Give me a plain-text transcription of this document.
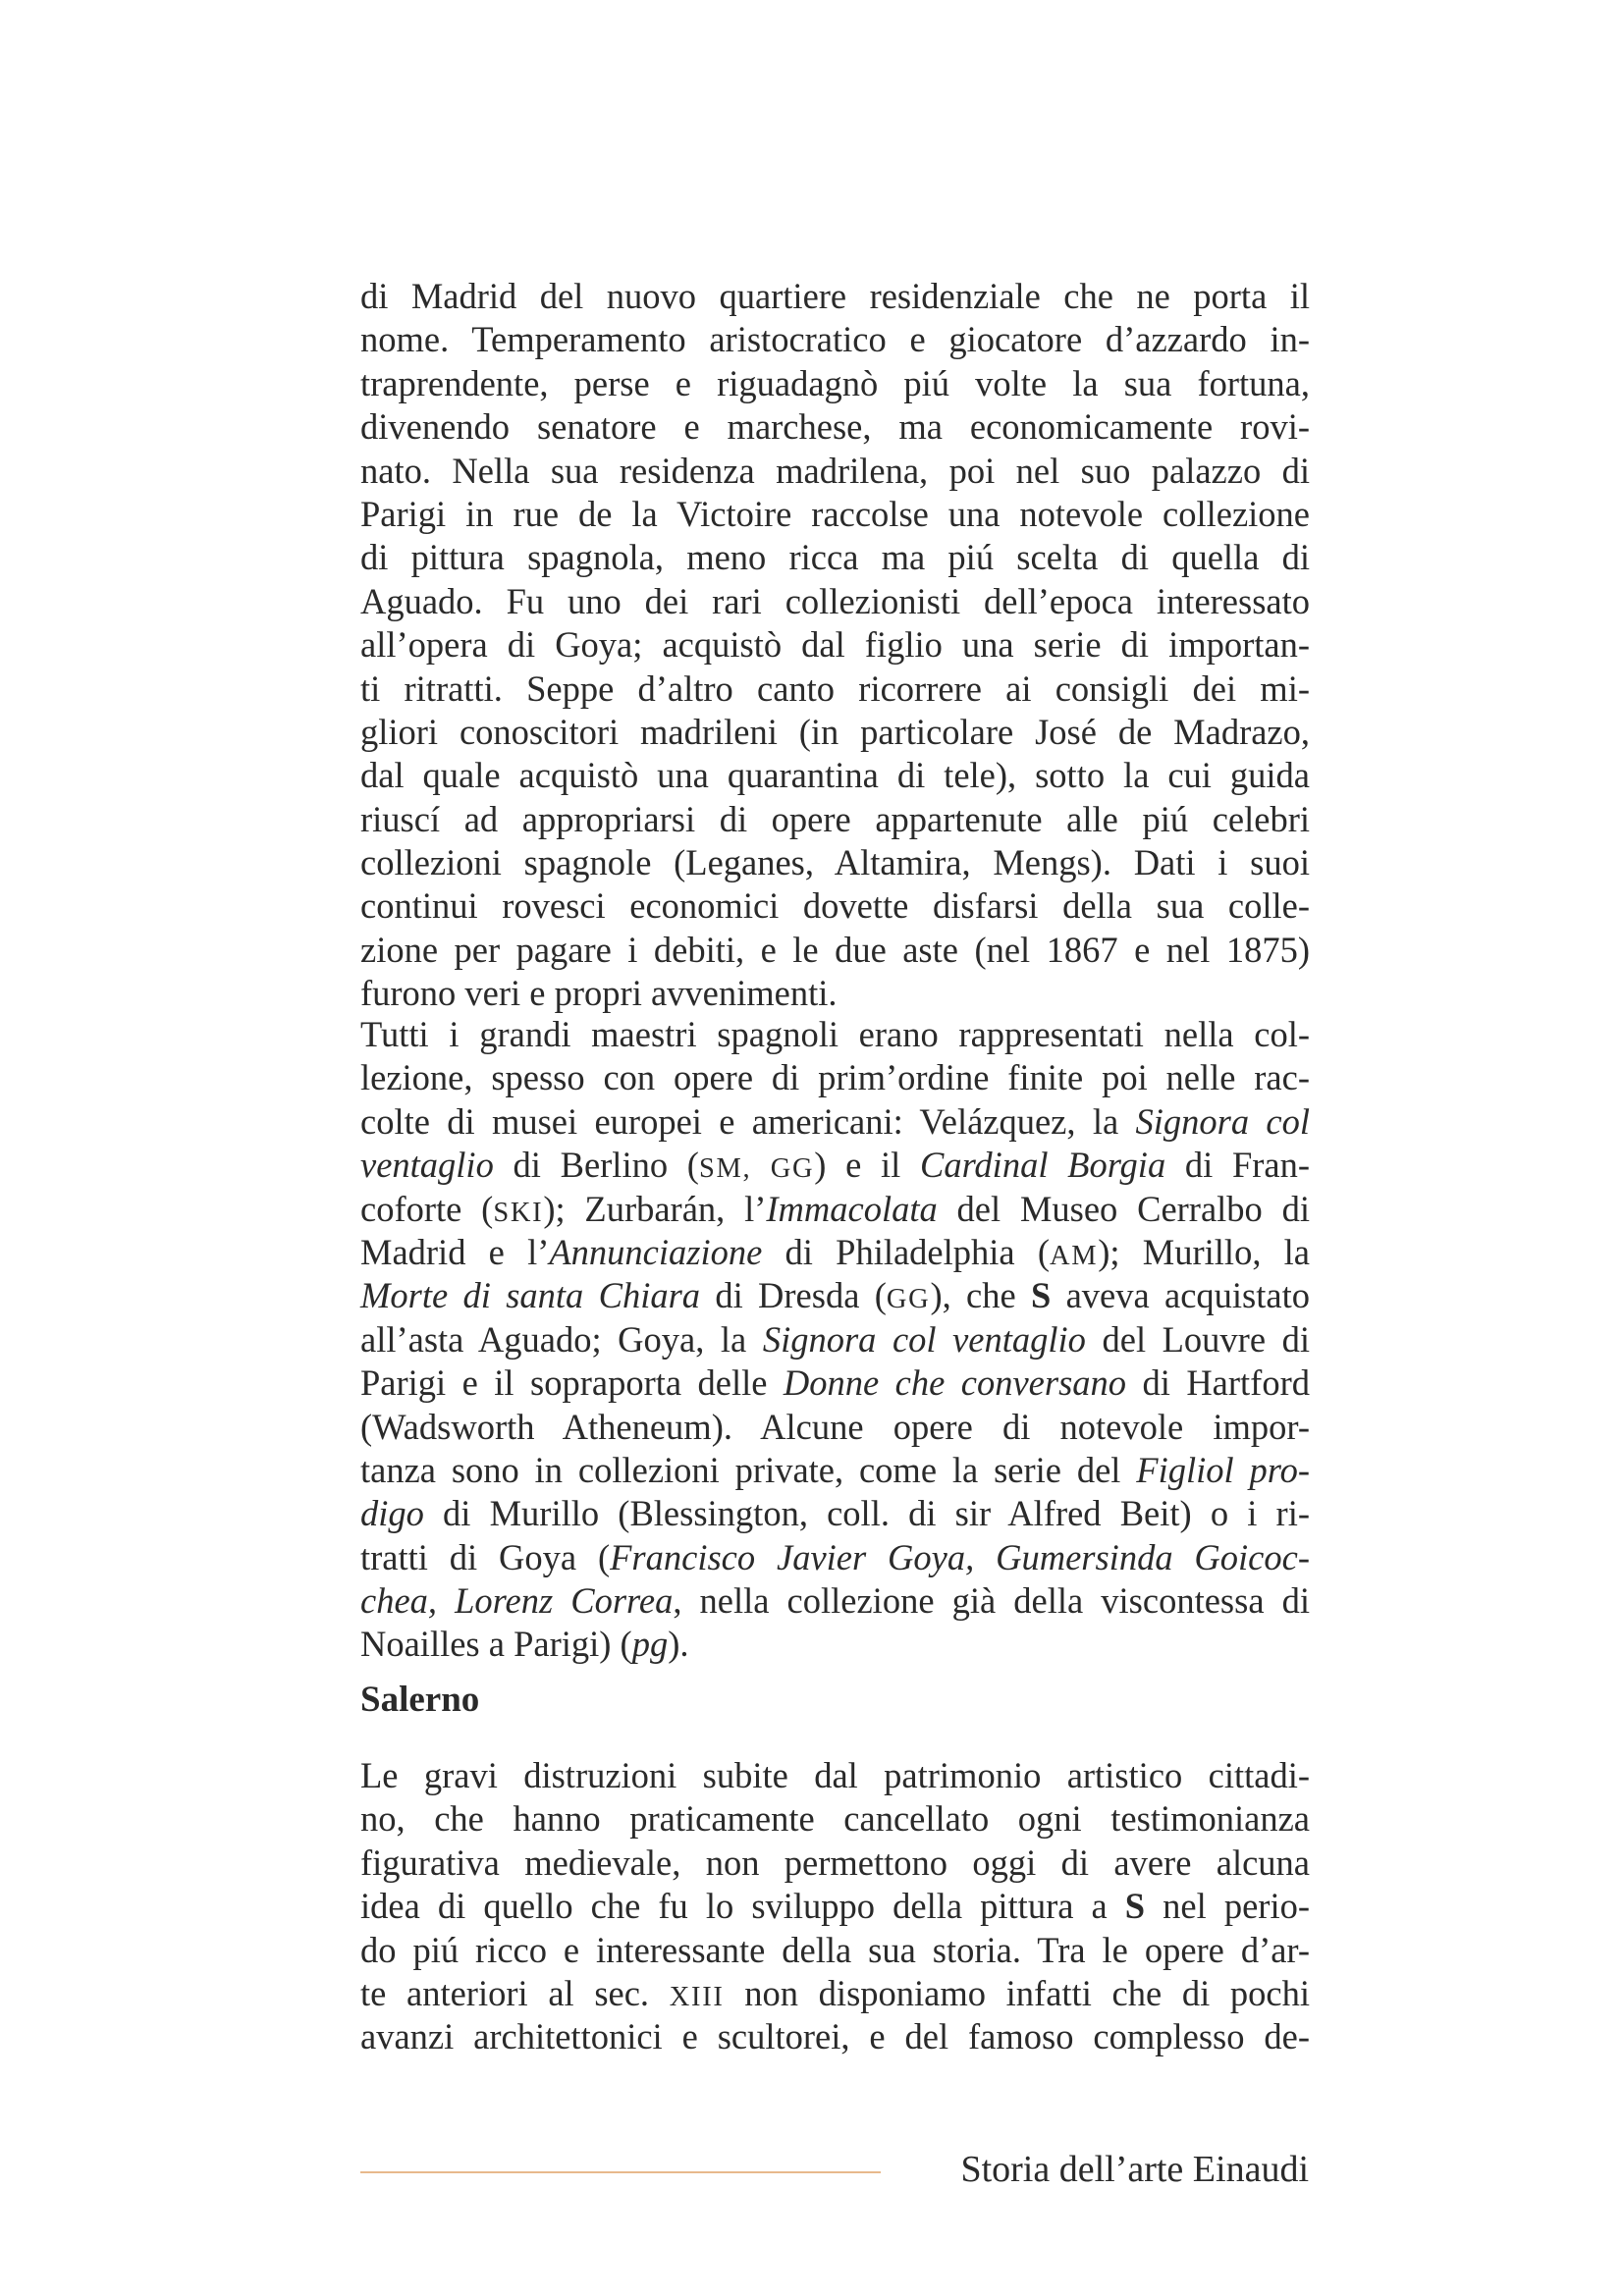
di Madrid del nuovo quartiere residenziale che ne porta il
nome. Temperamento aristocratico e giocatore d’azzardo in-
traprendente, perse e riguadagnò piú volte la sua fortuna,
divenendo senatore e marchese, ma economicamente rovi-
nato. Nella sua residenza madrilena, poi nel suo palazzo di
Parigi in rue de la Victoire raccolse una notevole collezione
di pittura spagnola, meno ricca ma piú scelta di quella di
Aguado. Fu uno dei rari collezionisti dell’epoca interessato
all’opera di Goya; acquistò dal figlio una serie di importan-
ti ritratti. Seppe d’altro canto ricorrere ai consigli dei mi-
gliori conoscitori madrileni (in particolare José de Madrazo,
dal quale acquistò una quarantina di tele), sotto la cui guida
riuscí ad appropriarsi di opere appartenute alle piú celebri
collezioni spagnole (Leganes, Altamira, Mengs). Dati i suoi
continui rovesci economici dovette disfarsi della sua colle-
zione per pagare i debiti, e le due aste (nel 1867 e nel 1875)
furono veri e propri avvenimenti.
Tutti i grandi maestri spagnoli erano rappresentati nella col-
lezione, spesso con opere di prim’ordine finite poi nelle rac-
colte di musei europei e americani: Velázquez, la Signora col
ventaglio di Berlino (SM, GG) e il Cardinal Borgia di Fran-
coforte (SKI); Zurbarán, l’Immacolata del Museo Cerralbo di
Madrid e l’Annunciazione di Philadelphia (AM); Murillo, la
Morte di santa Chiara di Dresda (GG), che S aveva acquistato
all’asta Aguado; Goya, la Signora col ventaglio del Louvre di
Parigi e il sopraporta delle Donne che conversano di Hartford
(Wadsworth Atheneum). Alcune opere di notevole impor-
tanza sono in collezioni private, come la serie del Figliol pro-
digo di Murillo (Blessington, coll. di sir Alfred Beit) o i ri-
tratti di Goya (Francisco Javier Goya, Gumersinda Goicoc-
chea, Lorenz Correa, nella collezione già della viscontessa di
Noailles a Parigi) (pg).
Salerno
Le gravi distruzioni subite dal patrimonio artistico cittadi-
no, che hanno praticamente cancellato ogni testimonianza
figurativa medievale, non permettono oggi di avere alcuna
idea di quello che fu lo sviluppo della pittura a S nel perio-
do piú ricco e interessante della sua storia. Tra le opere d’ar-
te anteriori al sec. XIII non disponiamo infatti che di pochi
avanzi architettonici e scultorei, e del famoso complesso de-
Storia dell’arte Einaudi
